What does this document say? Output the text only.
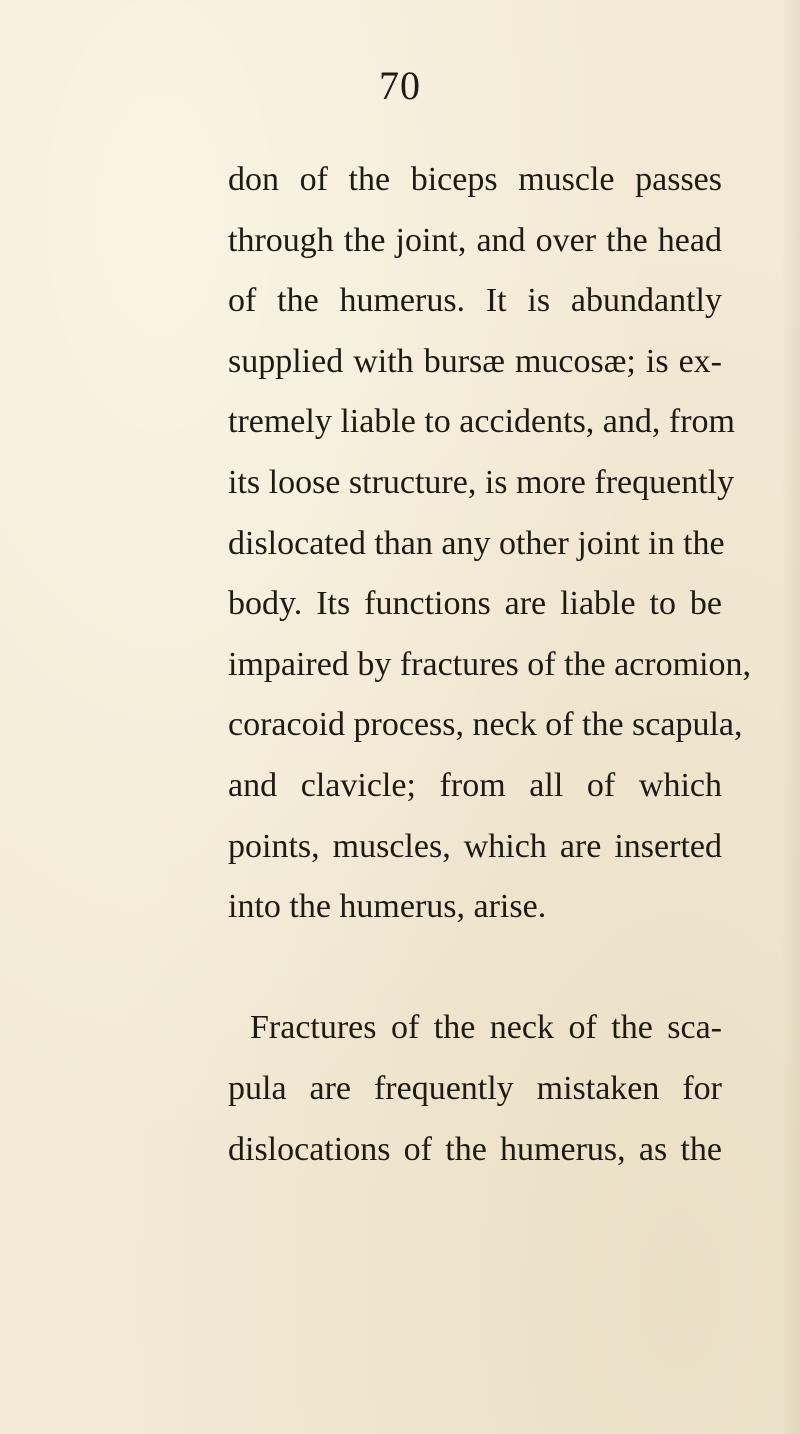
70
don of the biceps muscle passes
through the joint, and over the head
of the humerus. It is abundantly
supplied with bursæ mucosæ; is ex-
tremely liable to accidents, and, from
its loose structure, is more frequently
dislocated than any other joint in the
body. Its functions are liable to be
impaired by fractures of the acromion,
coracoid process, neck of the scapula,
and clavicle; from all of which
points, muscles, which are inserted
into the humerus, arise.
Fractures of the neck of the sca-
pula are frequently mistaken for
dislocations of the humerus, as the
